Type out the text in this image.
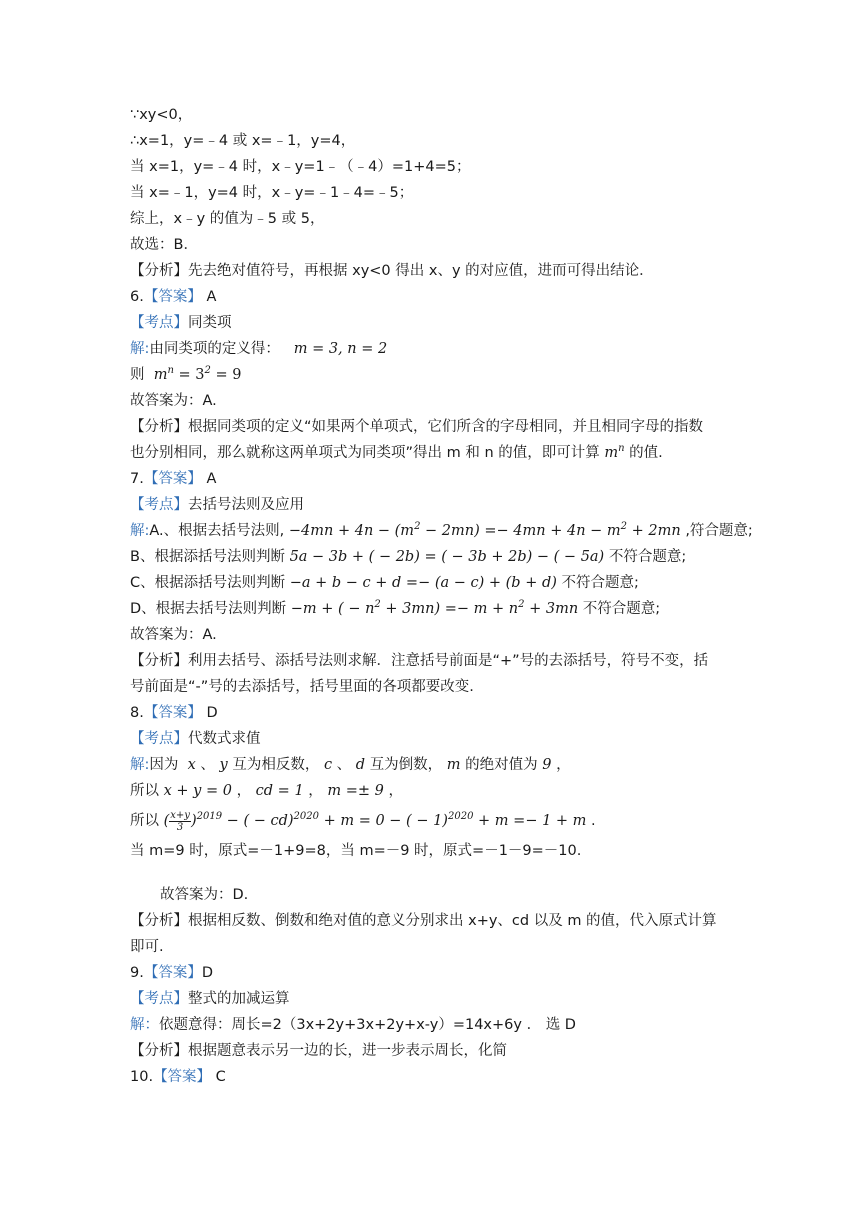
∵xy<0，
∴x=1，y=﹣4 或 x=﹣1，y=4，
当 x=1，y=﹣4 时，x﹣y=1﹣（﹣4）=1+4=5；
当 x=﹣1，y=4 时，x﹣y=﹣1﹣4=﹣5；
综上，x﹣y 的值为﹣5 或 5，
故选：B．
【分析】先去绝对值符号，再根据 xy<0 得出 x、y 的对应值，进而可得出结论．
6.【答案】 A
【考点】同类项
解:由同类项的定义得： m = 3, n = 2
则 $m^n = 3^2 = 9$
故答案为：A.
【分析】根据同类项的定义“如果两个单项式，它们所含的字母相同，并且相同字母的指数
也分别相同，那么就称这两单项式为同类项”得出 m 和 n 的值，即可计算 $m^n$ 的值.
7.【答案】 A
【考点】去括号法则及应用
解:A.、根据去括号法则, $-4mn + 4n - (m^2 - 2mn) =- 4mn + 4n - m^2 + 2mn$ ,符合题意;
B、根据添括号法则判断 5a − 3b + ( − 2b) = ( − 3b + 2b) − ( − 5a) 不符合题意;
C、根据添括号法则判断 −a + b − c + d =− (a − c) + (b + d) 不符合题意;
D、根据去括号法则判断 −m + ( − $n^2 + 3mn) =- m + n^2 + 3mn$ 不符合题意;
故答案为：A.
【分析】利用去括号、添括号法则求解．注意括号前面是“+”号的去添括号，符号不变，括
号前面是“-”号的去添括号，括号里面的各项都要改变.
8.【答案】 D
【考点】代数式求值
解:因为 x 、 y 互为相反数， c 、 d 互为倒数， m 的绝对值为 9 ，
所以 x + y = 0 ， cd = 1 ， m =± 9 ，
所以 ( $\frac{x+y}{3} )^{2019}$ − ( − cd)$^{2020}$ + m = 0 − ( − 1)$^{2020}$ + m =− 1 + m .
当 m=9 时，原式=－1+9=8，当 m=－9 时，原式=－1－9=－10.
故答案为：D.
【分析】根据相反数、倒数和绝对值的意义分别求出 x+y、cd 以及 m 的值，代入原式计算
即可.
9.【答案】D
【考点】整式的加减运算
解：依题意得：周长=2（3x+2y+3x+2y+x-y）=14x+6y ． 选 D
【分析】根据题意表示另一边的长，进一步表示周长，化简
10.【答案】 C
